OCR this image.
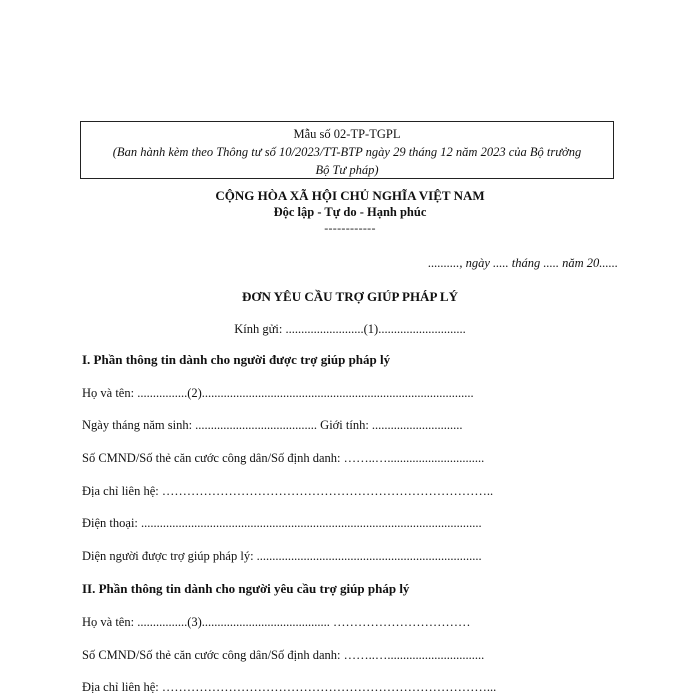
Mẫu số 02-TP-TGPL
(Ban hành kèm theo Thông tư số 10/2023/TT-BTP ngày 29 tháng 12 năm 2023 của Bộ trưởng
Bộ Tư pháp)
CỘNG HÒA XÃ HỘI CHỦ NGHĨA VIỆT NAM
Độc lập - Tự do - Hạnh phúc
------------
.........., ngày ..... tháng ..... năm 20......
ĐƠN YÊU CẦU TRỢ GIÚP PHÁP LÝ
Kính gửi: .........................(1)............................
I. Phần thông tin dành cho người được trợ giúp pháp lý
Họ và tên: ................(2).......................................................................................
Ngày tháng năm sinh: ....................................... Giới tính: .............................
Số CMND/Số thẻ căn cước công dân/Số định danh: ……..…...............................
Địa chỉ liên hệ: ……………………………………………………………………..
Điện thoại: .............................................................................................................
Diện người được trợ giúp pháp lý: ........................................................................
II. Phần thông tin dành cho người yêu cầu trợ giúp pháp lý
Họ và tên: ................(3)......................................... ……………………………
Số CMND/Số thẻ căn cước công dân/Số định danh: ……..…...............................
Địa chỉ liên hệ: ……………………………………………………………………...
